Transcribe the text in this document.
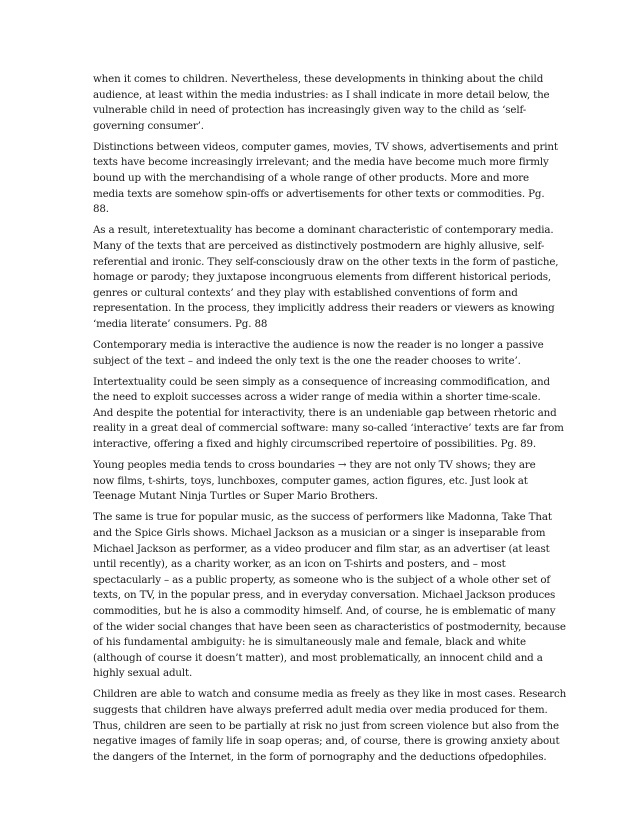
when it comes to children. Nevertheless, these developments in thinking about the child
audience, at least within the media industries: as I shall indicate in more detail below, the
vulnerable child in need of protection has increasingly given way to the child as ‘self-
governing consumer’.

Distinctions between videos, computer games, movies, TV shows, advertisements and print
texts have become increasingly irrelevant; and the media have become much more firmly
bound up with the merchandising of a whole range of other products. More and more
media texts are somehow spin-offs or advertisements for other texts or commodities. Pg.
88.

As a result, interetextuality has become a dominant characteristic of contemporary media.
Many of the texts that are perceived as distinctively postmodern are highly allusive, self-
referential and ironic. They self-consciously draw on the other texts in the form of pastiche,
homage or parody; they juxtapose incongruous elements from different historical periods,
genres or cultural contexts’ and they play with established conventions of form and
representation. In the process, they implicitly address their readers or viewers as knowing
‘media literate’ consumers. Pg. 88

Contemporary media is interactive the audience is now the reader is no longer a passive
subject of the text – and indeed the only text is the one the reader chooses to write’.

Intertextuality could be seen simply as a consequence of increasing commodification, and
the need to exploit successes across a wider range of media within a shorter time-scale.
And despite the potential for interactivity, there is an undeniable gap between rhetoric and
reality in a great deal of commercial software: many so-called ‘interactive’ texts are far from
interactive, offering a fixed and highly circumscribed repertoire of possibilities. Pg. 89.

Young peoples media tends to cross boundaries → they are not only TV shows; they are
now films, t-shirts, toys, lunchboxes, computer games, action figures, etc. Just look at
Teenage Mutant Ninja Turtles or Super Mario Brothers.

The same is true for popular music, as the success of performers like Madonna, Take That
and the Spice Girls shows. Michael Jackson as a musician or a singer is inseparable from
Michael Jackson as performer, as a video producer and film star, as an advertiser (at least
until recently), as a charity worker, as an icon on T-shirts and posters, and – most
spectacularly – as a public property, as someone who is the subject of a whole other set of
texts, on TV, in the popular press, and in everyday conversation. Michael Jackson produces
commodities, but he is also a commodity himself. And, of course, he is emblematic of many
of the wider social changes that have been seen as characteristics of postmodernity, because
of his fundamental ambiguity: he is simultaneously male and female, black and white
(although of course it doesn’t matter), and most problematically, an innocent child and a
highly sexual adult.

Children are able to watch and consume media as freely as they like in most cases. Research
suggests that children have always preferred adult media over media produced for them.
Thus, children are seen to be partially at risk no just from screen violence but also from the
negative images of family life in soap operas; and, of course, there is growing anxiety about
the dangers of the Internet, in the form of pornography and the deductions ofpedophiles.
